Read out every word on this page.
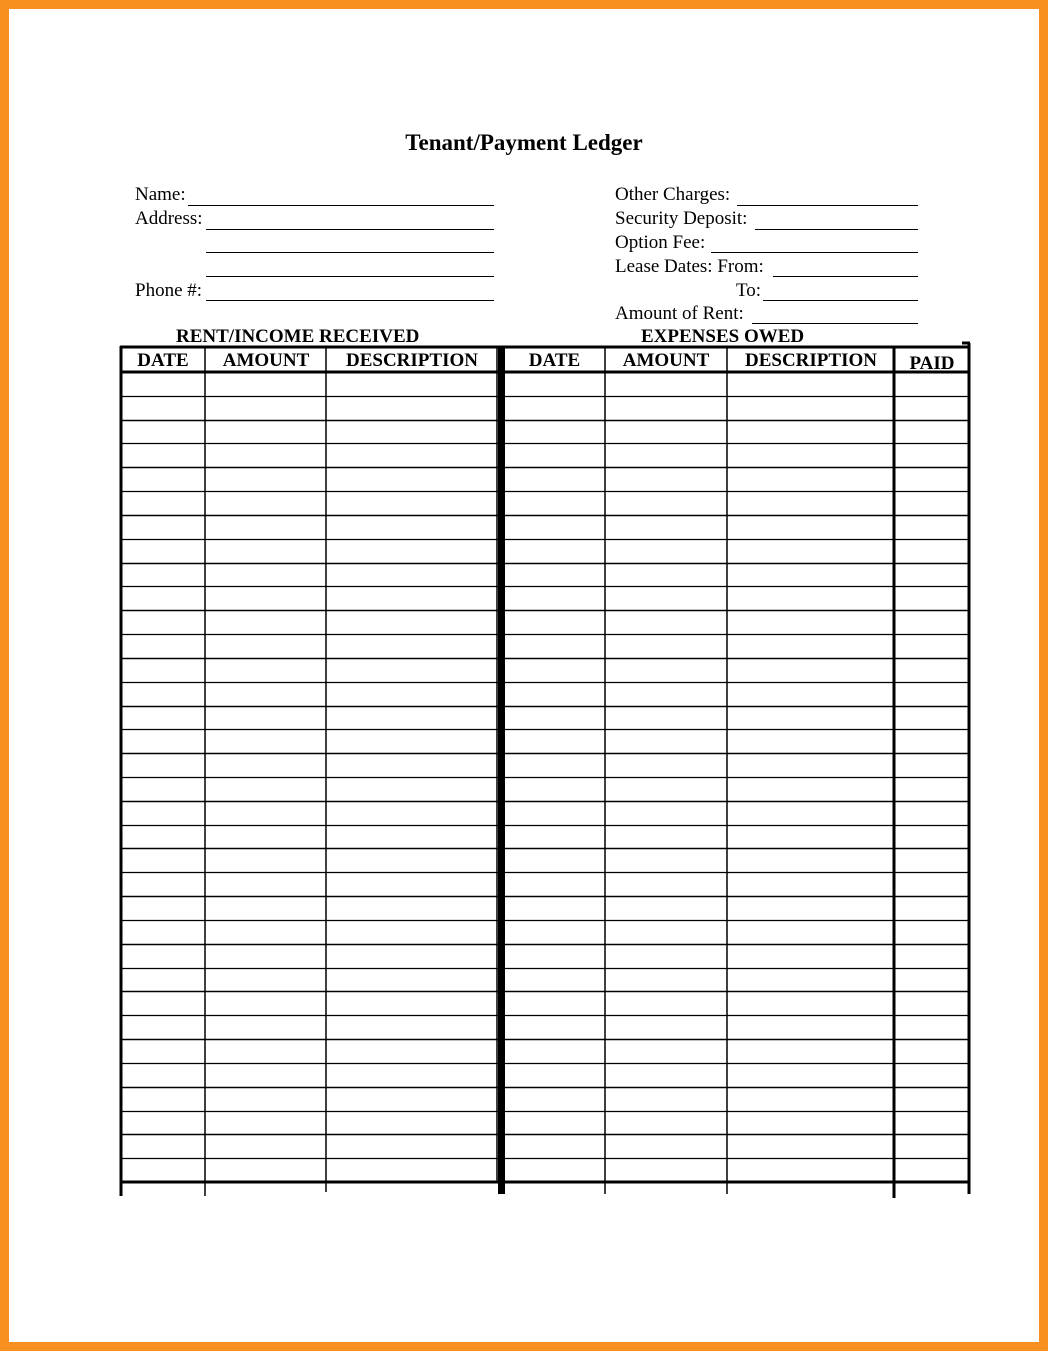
Tenant/Payment Ledger
Name:
Address:
Phone #:
Other Charges:
Security Deposit:
Option Fee:
Lease Dates: From:
To:
Amount of Rent:
RENT/INCOME RECEIVED	EXPENSES OWED
DATE	AMOUNT	DESCRIPTION	DATE	AMOUNT	DESCRIPTION	PAID
